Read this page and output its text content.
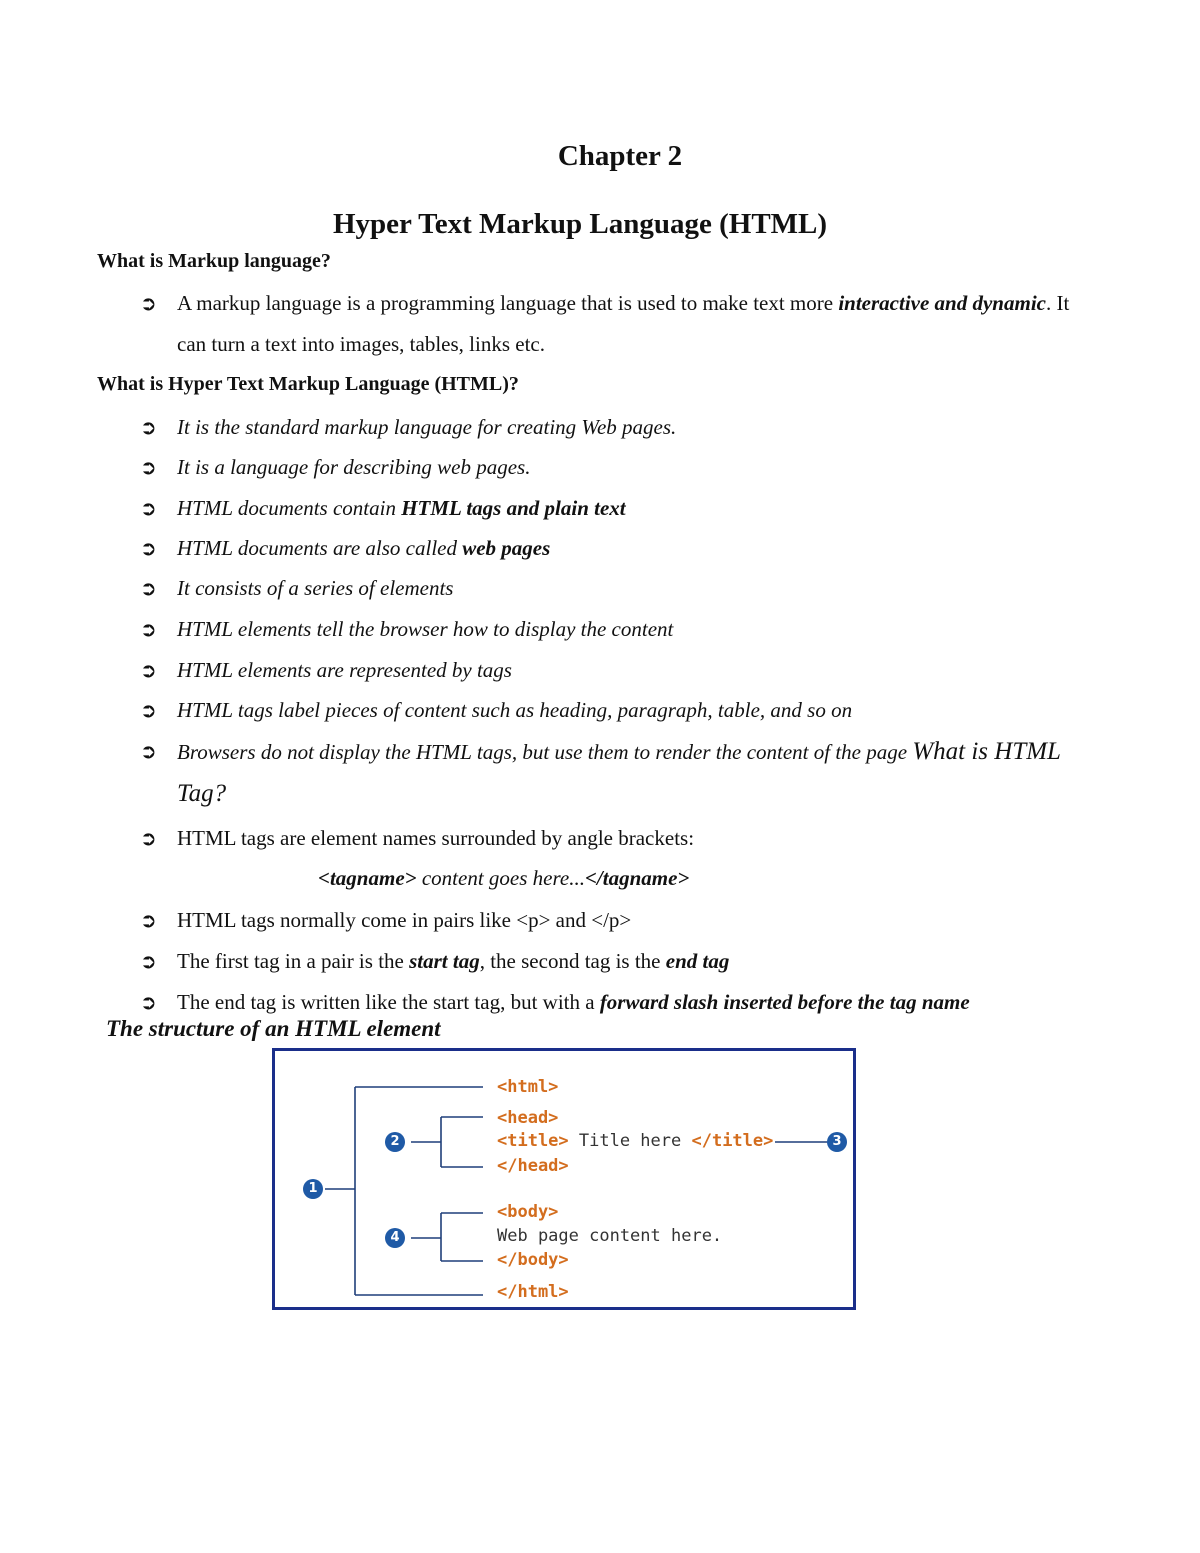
Chapter 2
Hyper Text Markup Language (HTML)
What is Markup language?
➲ A markup language is a programming language that is used to make text more interactive and dynamic. It can turn a text into images, tables, links etc.
What is Hyper Text Markup Language (HTML)?
➲ It is the standard markup language for creating Web pages.
➲ It is a language for describing web pages.
➲ HTML documents contain HTML tags and plain text
➲ HTML documents are also called web pages
➲ It consists of a series of elements
➲ HTML elements tell the browser how to display the content
➲ HTML elements are represented by tags
➲ HTML tags label pieces of content such as heading, paragraph, table, and so on
➲ Browsers do not display the HTML tags, but use them to render the content of the page What is HTML Tag?
➲ HTML tags are element names surrounded by angle brackets:
<tagname> content goes here...</tagname>
➲ HTML tags normally come in pairs like <p> and </p>
➲ The first tag in a pair is the start tag, the second tag is the end tag
➲ The end tag is written like the start tag, but with a forward slash inserted before the tag name
The structure of an HTML element
1
2	3
4
<html>
<head>
<title> Title here </title>
</head>
<body>
Web page content here.
</body>
</html>
